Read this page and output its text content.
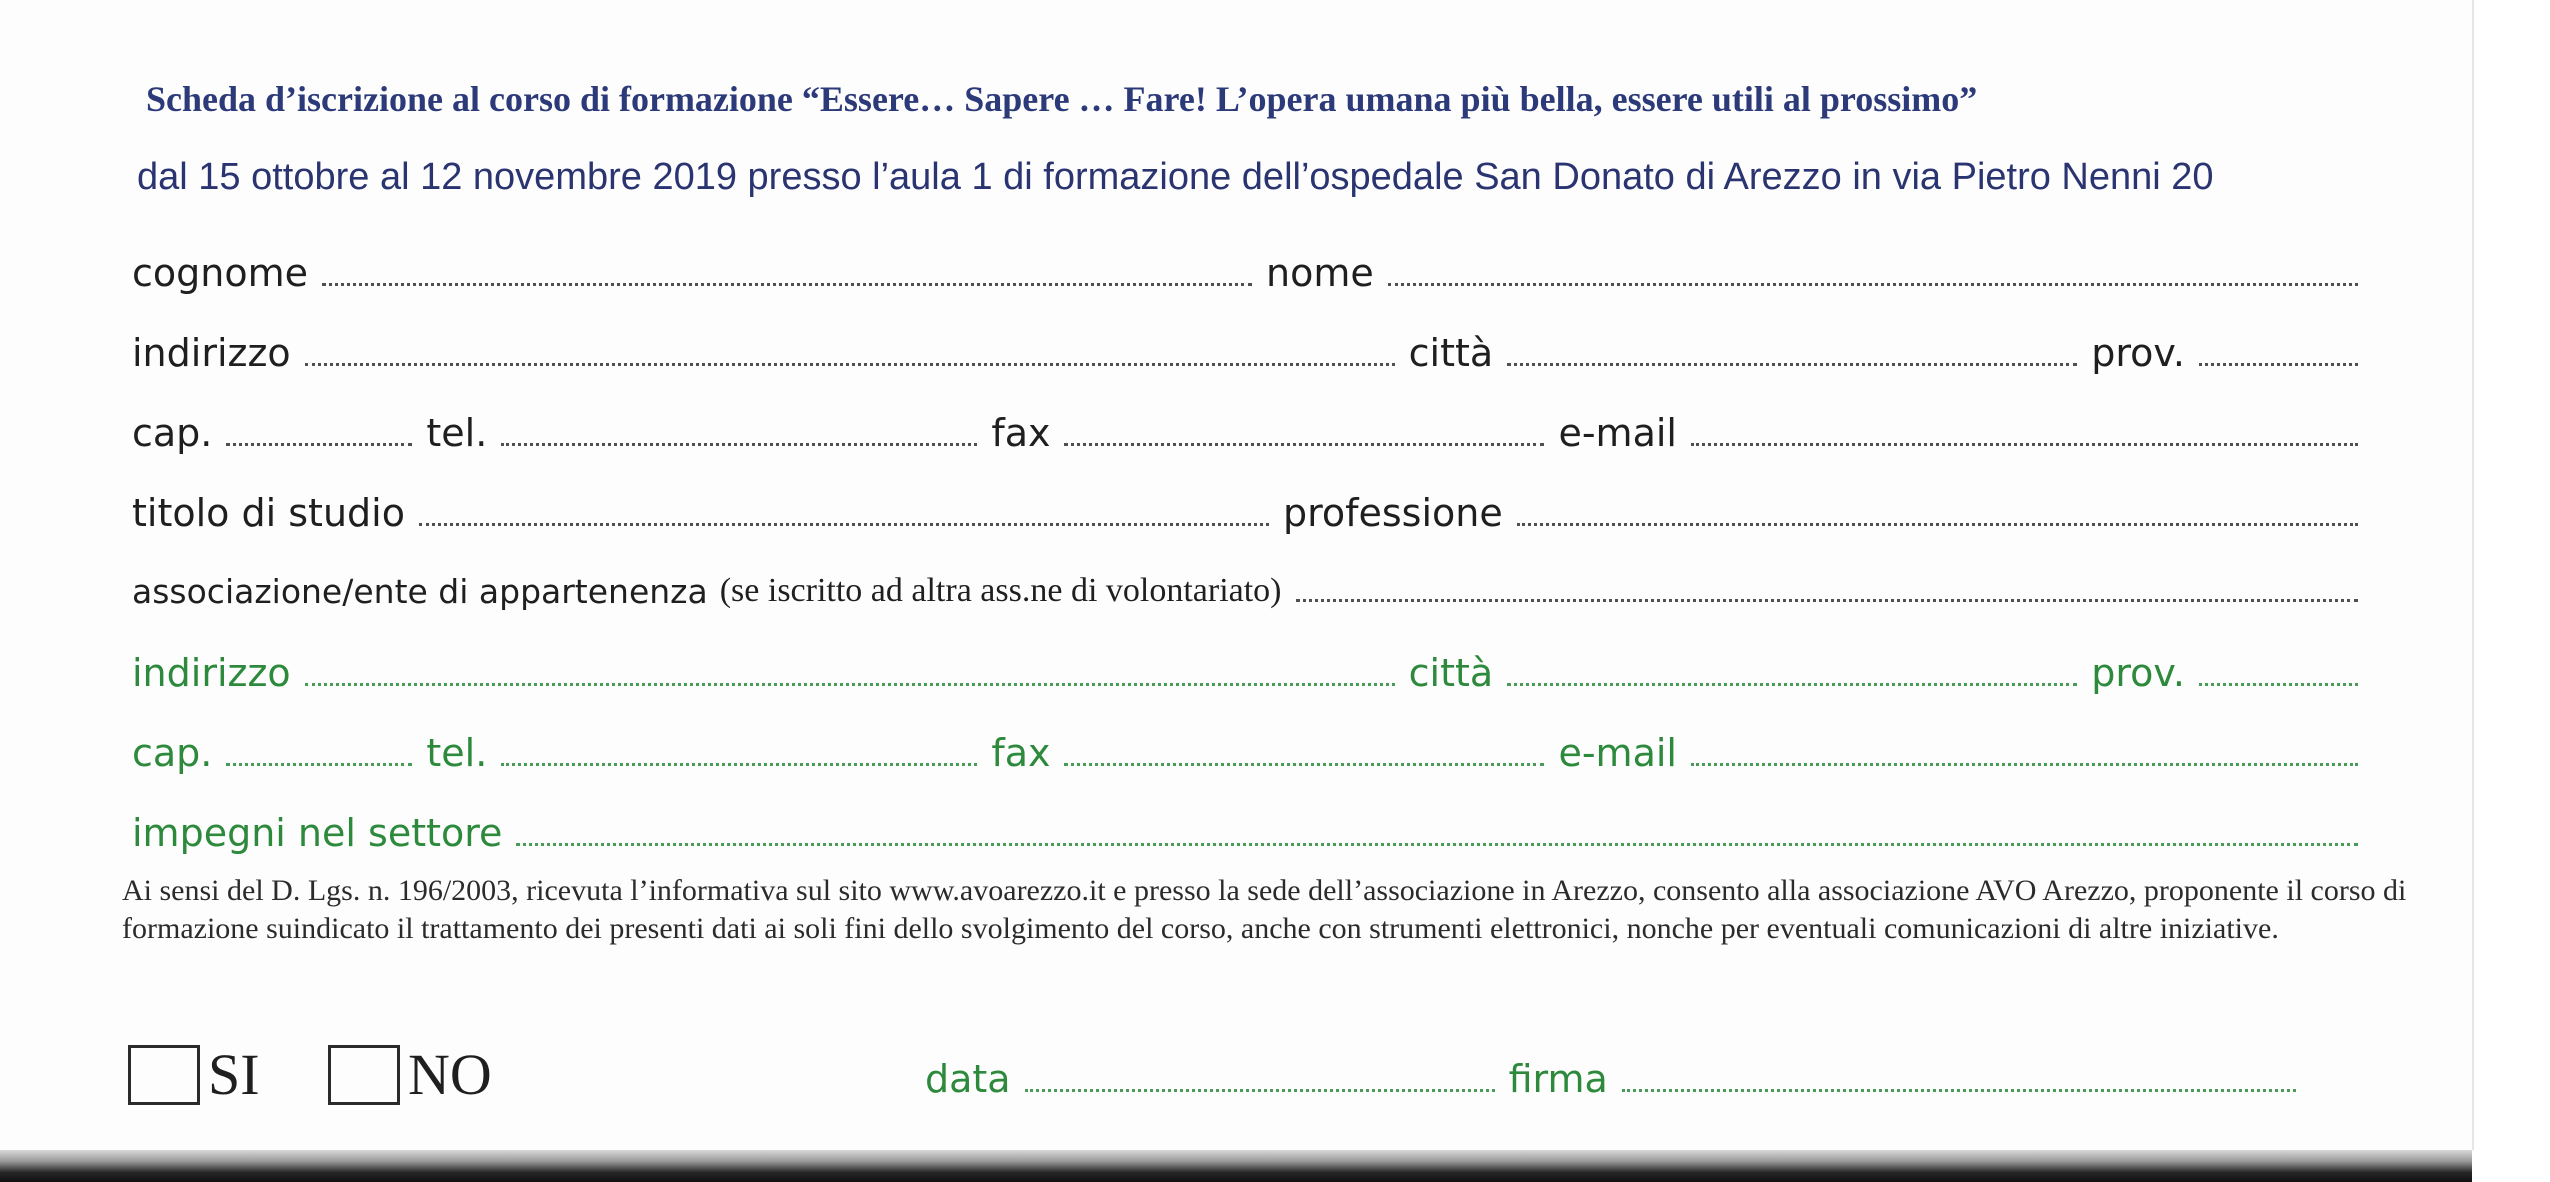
Scheda d’iscrizione al corso di formazione “Essere… Sapere … Fare! L’opera umana più bella, essere utili al prossimo”
dal 15 ottobre al 12 novembre 2019 presso l’aula 1 di formazione dell’ospedale San Donato di Arezzo in via Pietro Nenni 20
cognome	nome
indirizzo	città	prov.
cap.	tel.	fax	e-mail
titolo di studio	professione
associazione/ente di appartenenza (se iscritto ad altra ass.ne di volontariato)
indirizzo	città	prov.
cap.	tel.	fax	e-mail
impegni nel settore
Ai sensi del D. Lgs. n. 196/2003, ricevuta l’informativa sul sito www.avoarezzo.it e presso la sede dell’associazione in Arezzo, consento alla associazione AVO Arezzo, proponente il corso di formazione suindicato il trattamento dei presenti dati ai soli fini dello svolgimento del corso, anche con strumenti elettronici, nonche per eventuali comunicazioni di altre iniziative.
SI	NO	data	firma
